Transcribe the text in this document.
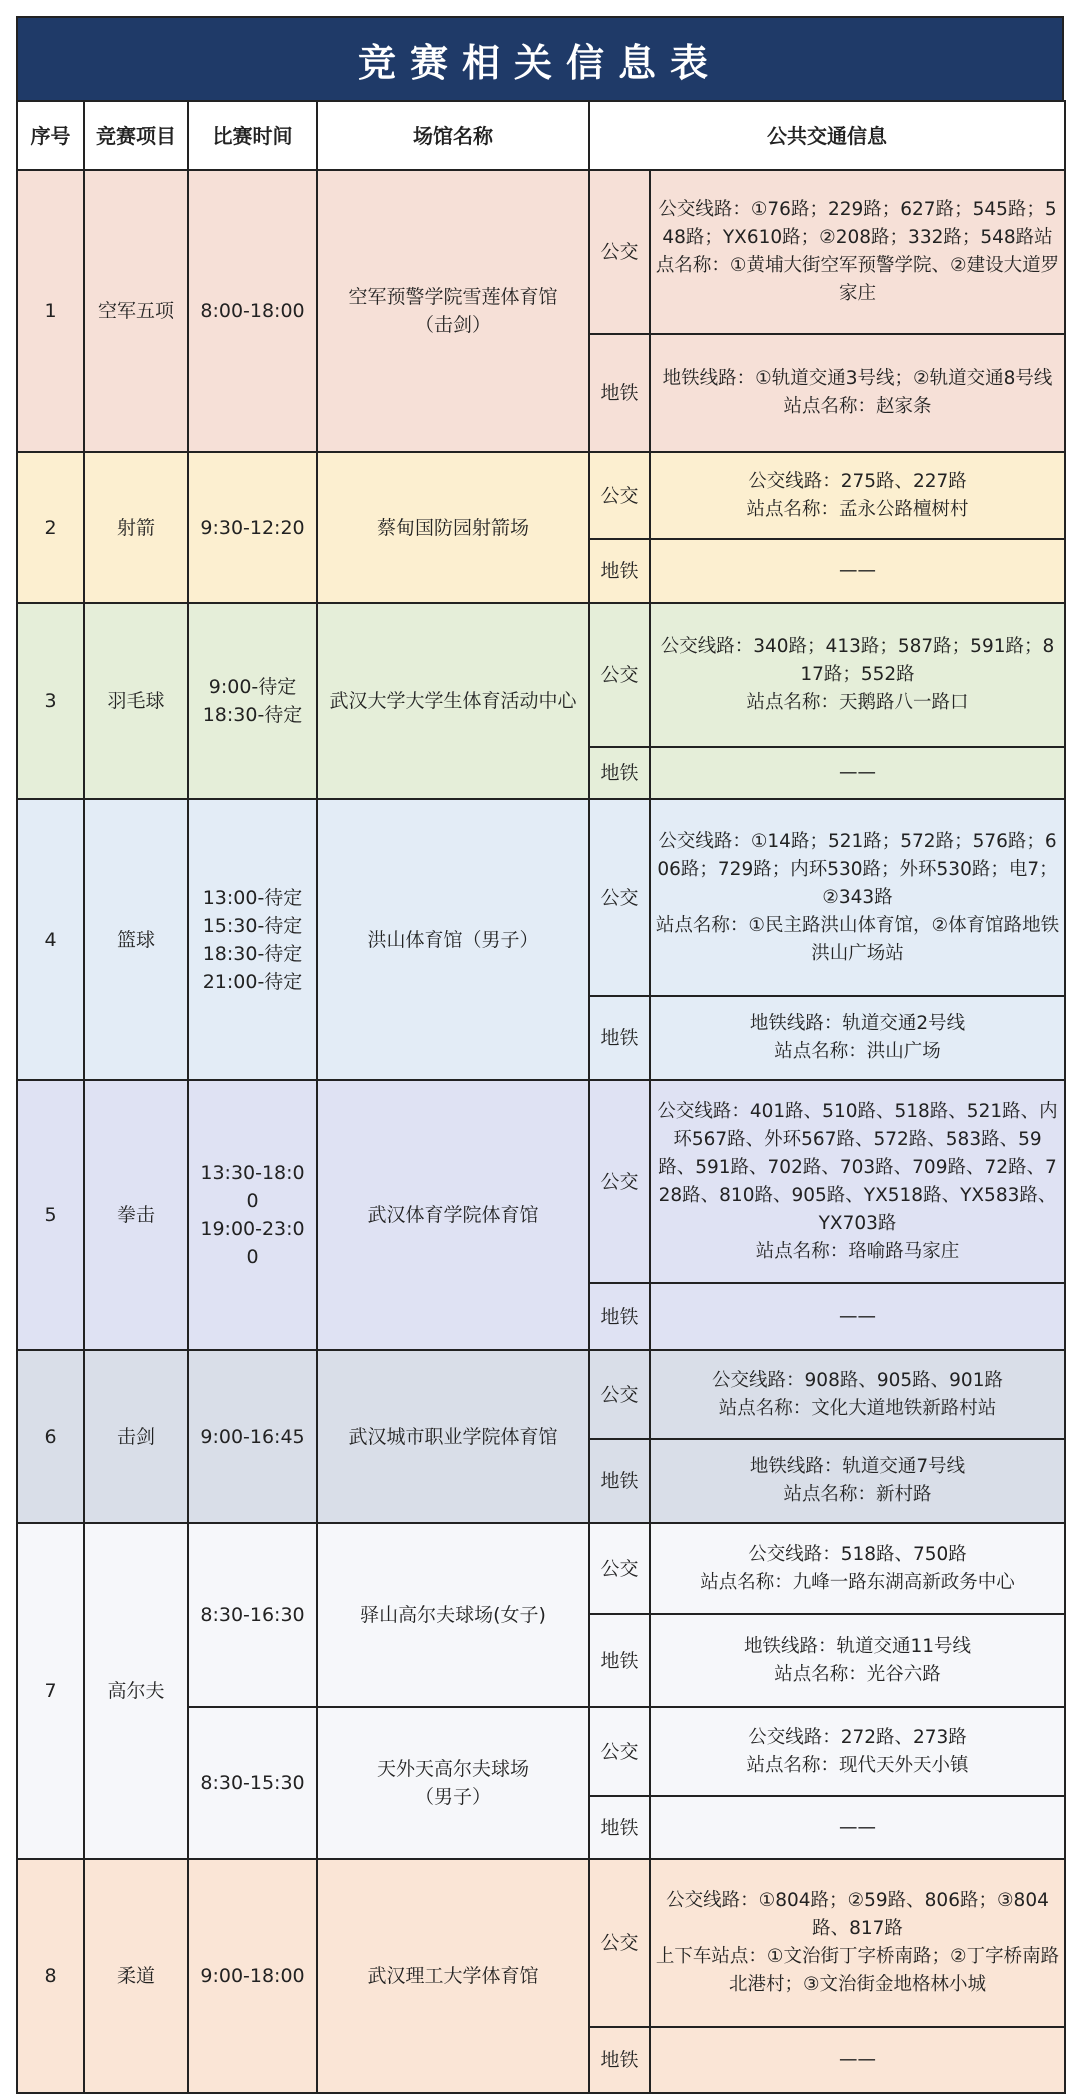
竞赛相关信息表
序号	竞赛项目	比赛时间	场馆名称	公共交通信息	

1	空军五项	8:00-18:00	空军预警学院雪莲体育馆
（击剑）	公交	公交线路：①76路；229路；627路；545路；548路；YX610路；②208路；332路；548路站点名称：①黄埔大街空军预警学院、②建设大道罗家庄

				地铁	地铁线路：①轨道交通3号线；②轨道交通8号线站点名称：赵家条

2	射箭	9:30-12:20	蔡甸国防园射箭场	公交	公交线路：275路、227路
站点名称：孟永公路檀树村

				地铁	——

3	羽毛球	9:00-待定
18:30-待定	武汉大学大学生体育活动中心	公交	公交线路：340路；413路；587路；591路；817路；552路
站点名称：天鹅路八一路口

				地铁	——

4	篮球	13:00-待定
15:30-待定
18:30-待定
21:00-待定	洪山体育馆（男子）	公交	公交线路：①14路；521路；572路；576路；606路；729路；内环530路；外环530路；电7；②343路
站点名称：①民主路洪山体育馆，②体育馆路地铁洪山广场站

				地铁	地铁线路：轨道交通2号线
站点名称：洪山广场

5	拳击	13:30-18:00
19:00-23:00	武汉体育学院体育馆	公交	公交线路：401路、510路、518路、521路、内环567路、外环567路、572路、583路、59路、591路、702路、703路、709路、72路、728路、810路、905路、YX518路、YX583路、YX703路
站点名称：珞喻路马家庄

				地铁	——

6	击剑	9:00-16:45	武汉城市职业学院体育馆	公交	公交线路：908路、905路、901路
站点名称：文化大道地铁新路村站

				地铁	地铁线路：轨道交通7号线
站点名称：新村路

7	高尔夫	8:30-16:30	驿山高尔夫球场(女子)	公交	公交线路：518路、750路
站点名称：九峰一路东湖高新政务中心

				地铁	地铁线路：轨道交通11号线
站点名称：光谷六路

		8:30-15:30	天外天高尔夫球场
（男子）	公交	公交线路：272路、273路
站点名称：现代天外天小镇

				地铁	——

8	柔道	9:00-18:00	武汉理工大学体育馆	公交	公交线路：①804路；②59路、806路；③804路、817路
上下车站点：①文治街丁字桥南路；②丁字桥南路北港村；③文治街金地格林小城

				地铁	——
